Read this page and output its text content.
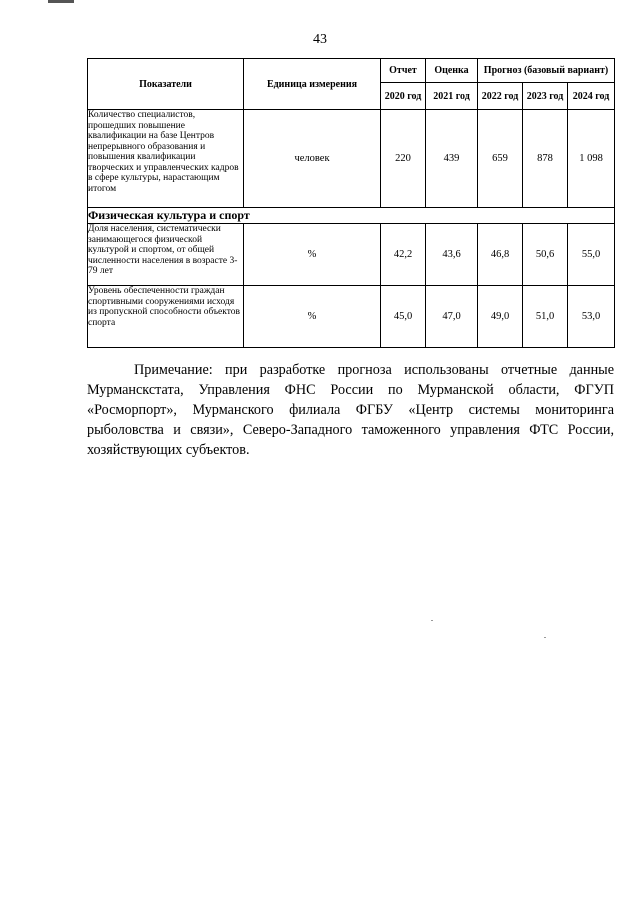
43
Показатели	Единица измерения	Отчет	Оценка	Прогноз (базовый вариант)		
		2020 год	2021 год	2022 год	2023 год	2024 год
Количество специалистов, прошедших повышение квалификации на базе Центров непрерывного образования и повышения квалификации творческих и управленческих кадров в сфере культуры, нарастающим итогом	человек	220	439	659	878	1 098
Физическая культура и спорт						
Доля населения, систематически занимающегося физической культурой и спортом, от общей численности населения в возрасте 3-79 лет	%	42,2	43,6	46,8	50,6	55,0
Уровень обеспеченности граждан спортивными сооружениями исходя из пропускной способности объектов спорта	%	45,0	47,0	49,0	51,0	53,0

Примечание: при разработке прогноза использованы отчетные данные Мурманскстата, Управления ФНС России по Мурманской области, ФГУП «Росморпорт», Мурманского филиала ФГБУ «Центр системы мониторинга рыболовства и связи», Северо-Западного таможенного управления ФТС России, хозяйствующих субъектов.
